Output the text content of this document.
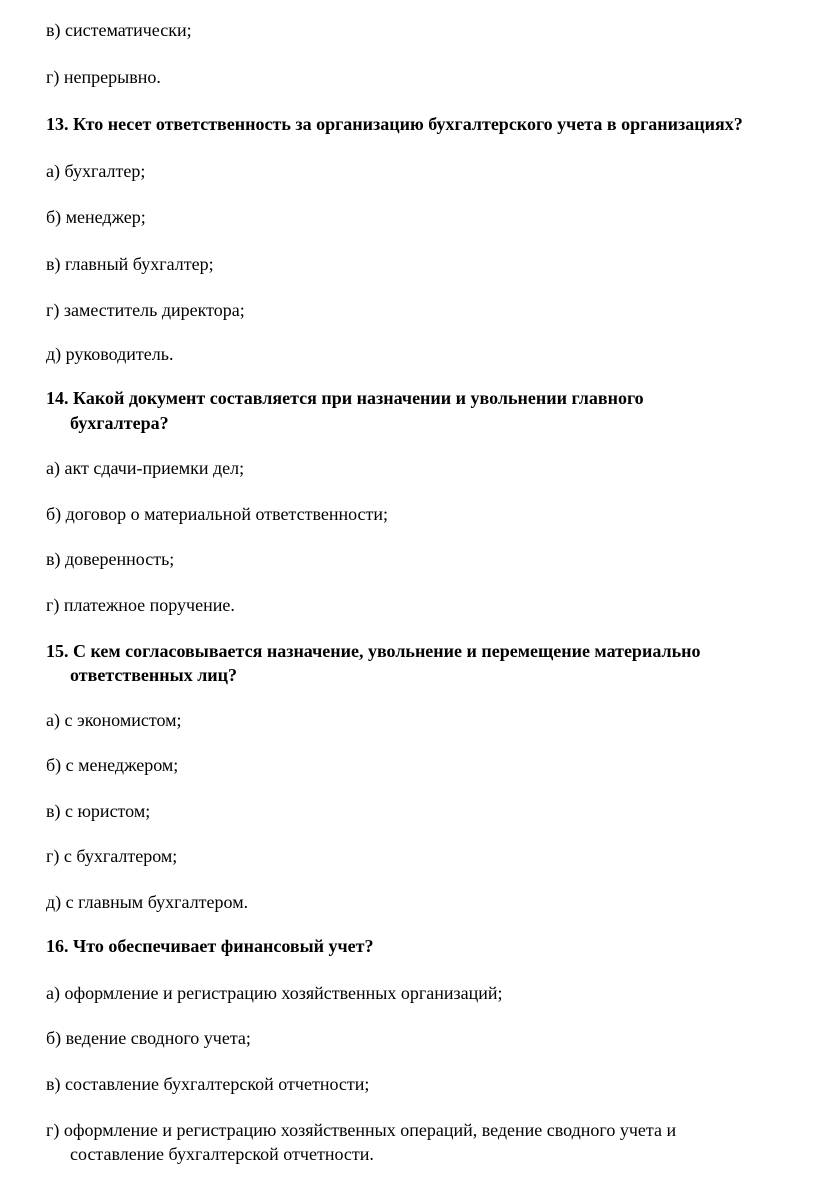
в) систематически;
г) непрерывно.
13. Кто несет ответственность за организацию бухгалтерского учета в организациях?
а) бухгалтер;
б) менеджер;
в) главный бухгалтер;
г) заместитель директора;
д) руководитель.
14. Какой документ составляется при назначении и увольнении главного
бухгалтера?
а) акт сдачи-приемки дел;
б) договор о материальной ответственности;
в) доверенность;
г) платежное поручение.
15. С кем согласовывается назначение, увольнение и перемещение материально
ответственных лиц?
а) с экономистом;
б) с менеджером;
в) с юристом;
г) с бухгалтером;
д) с главным бухгалтером.
16. Что обеспечивает финансовый учет?
а) оформление и регистрацию хозяйственных организаций;
б) ведение сводного учета;
в) составление бухгалтерской отчетности;
г) оформление и регистрацию хозяйственных операций, ведение сводного учета и
составление бухгалтерской отчетности.
